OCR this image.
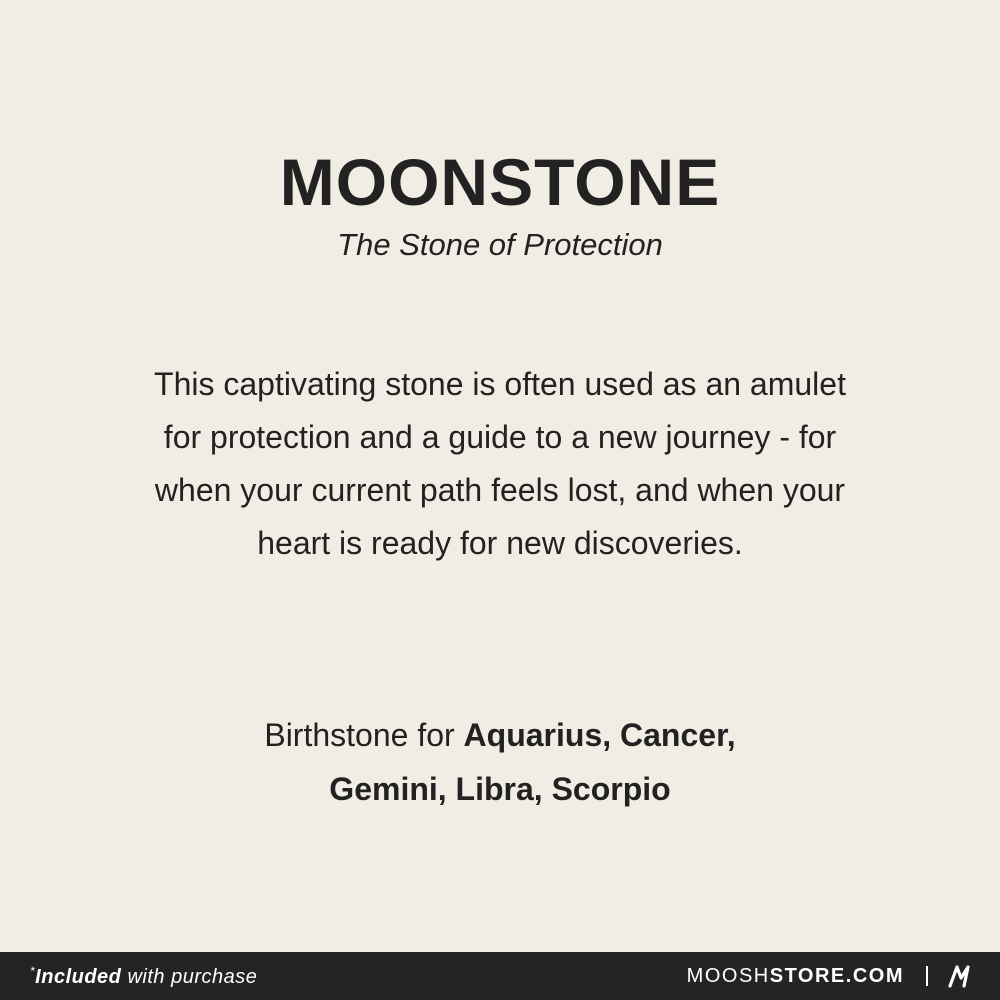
MOONSTONE
The Stone of Protection

This captivating stone is often used as an amulet for protection and a guide to a new journey - for when your current path feels lost, and when your heart is ready for new discoveries.

Birthstone for Aquarius, Cancer,
Gemini, Libra, Scorpio
*Included with purchase	MOOSHSTORE.COM
